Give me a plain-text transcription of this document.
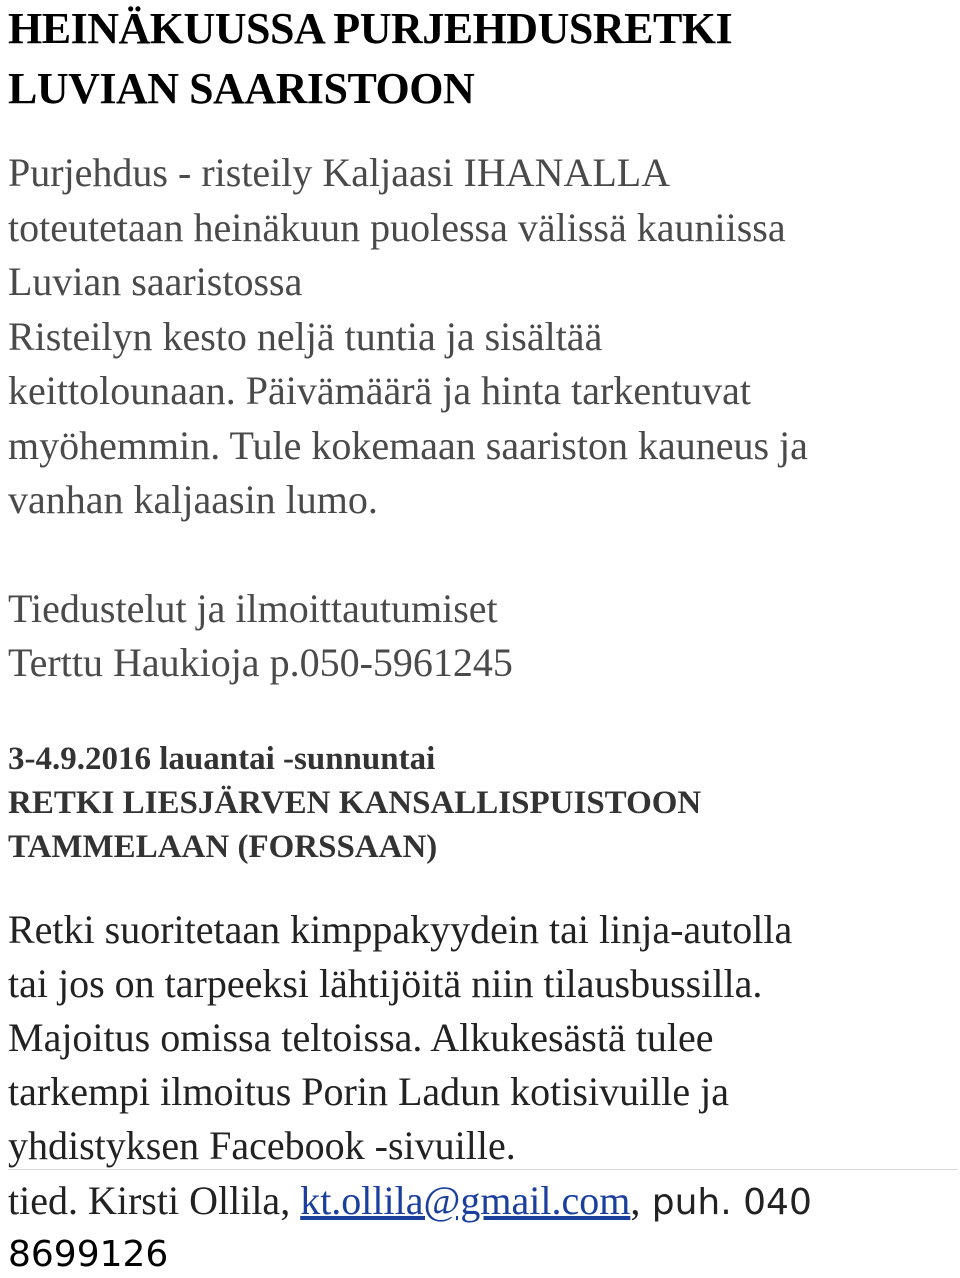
HEINÄKUUSSA PURJEHDUSRETKI
LUVIAN SAARISTOON
Purjehdus - risteily Kaljaasi IHANALLA
toteutetaan heinäkuun puolessa välissä kauniissa
Luvian saaristossa
Risteilyn kesto neljä tuntia ja sisältää
keittolounaan. Päivämäärä ja hinta tarkentuvat
myöhemmin. Tule kokemaan saariston kauneus ja
vanhan kaljaasin lumo.
Tiedustelut ja ilmoittautumiset
Terttu Haukioja p.050-5961245
3-4.9.2016 lauantai -sunnuntai
RETKI LIESJÄRVEN KANSALLISPUISTOON
TAMMELAAN (FORSSAAN)
Retki suoritetaan kimppakyydein tai linja-autolla
tai jos on tarpeeksi lähtijöitä niin tilausbussilla.
Majoitus omissa teltoissa. Alkukesästä tulee
tarkempi ilmoitus Porin Ladun kotisivuille ja
yhdistyksen Facebook -sivuille.
tied. Kirsti Ollila, kt.ollila@gmail.com, puh. 040
8699126
